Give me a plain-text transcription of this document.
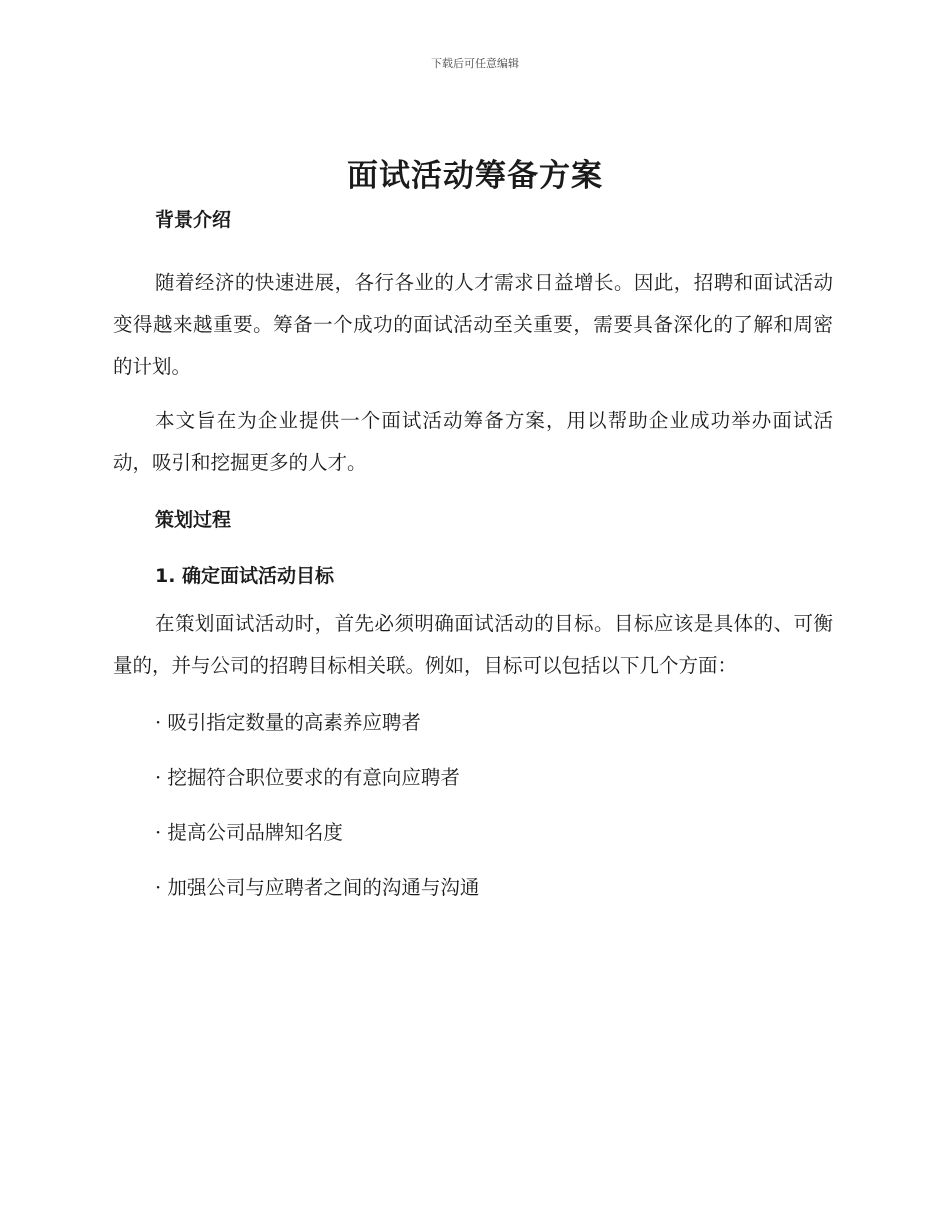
下载后可任意编辑
面试活动筹备方案

背景介绍

随着经济的快速进展，各行各业的人才需求日益增长。因此，招聘和面试活动变得越来越重要。筹备一个成功的面试活动至关重要，需要具备深化的了解和周密的计划。

本文旨在为企业提供一个面试活动筹备方案，用以帮助企业成功举办面试活动，吸引和挖掘更多的人才。

策划过程

1. 确定面试活动目标

在策划面试活动时，首先必须明确面试活动的目标。目标应该是具体的、可衡量的，并与公司的招聘目标相关联。例如，目标可以包括以下几个方面：

· 吸引指定数量的高素养应聘者

· 挖掘符合职位要求的有意向应聘者

· 提高公司品牌知名度

· 加强公司与应聘者之间的沟通与沟通
